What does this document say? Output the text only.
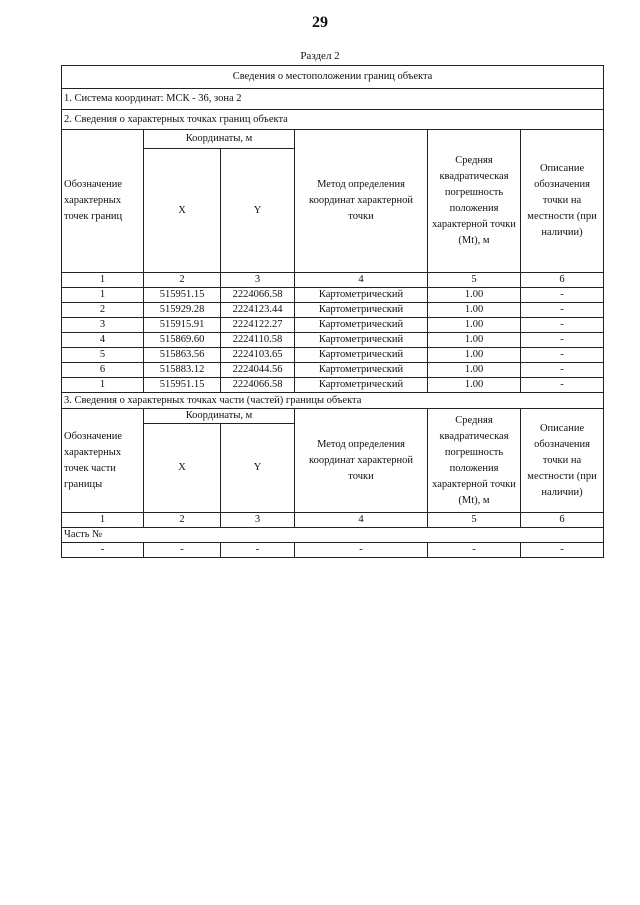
29
Раздел 2
Сведения о местоположении границ объекта					
1. Система координат: МСК - 36, зона 2					
2. Сведения о характерных точках границ объекта					
Обозначение характерных точек границ	Координаты, м		Метод определения координат характерной точки	Средняя квадратическая погрешность положения характерной точки (Mt), м	Описание обозначения точки на местности (при наличии)
	X	Y			
1	2	3	4	5	6
1	515951.15	2224066.58	Картометрический	1.00	-
2	515929.28	2224123.44	Картометрический	1.00	-
3	515915.91	2224122.27	Картометрический	1.00	-
4	515869.60	2224110.58	Картометрический	1.00	-
5	515863.56	2224103.65	Картометрический	1.00	-
6	515883.12	2224044.56	Картометрический	1.00	-
1	515951.15	2224066.58	Картометрический	1.00	-
3. Сведения о характерных точках части (частей) границы объекта					
Обозначение характерных точек части границы	Координаты, м		Метод определения координат характерной точки	Средняя квадратическая погрешность положения характерной точки (Mt), м	Описание обозначения точки на местности (при наличии)
	X	Y			
1	2	3	4	5	6
Часть №					
-	-	-	-	-	-
